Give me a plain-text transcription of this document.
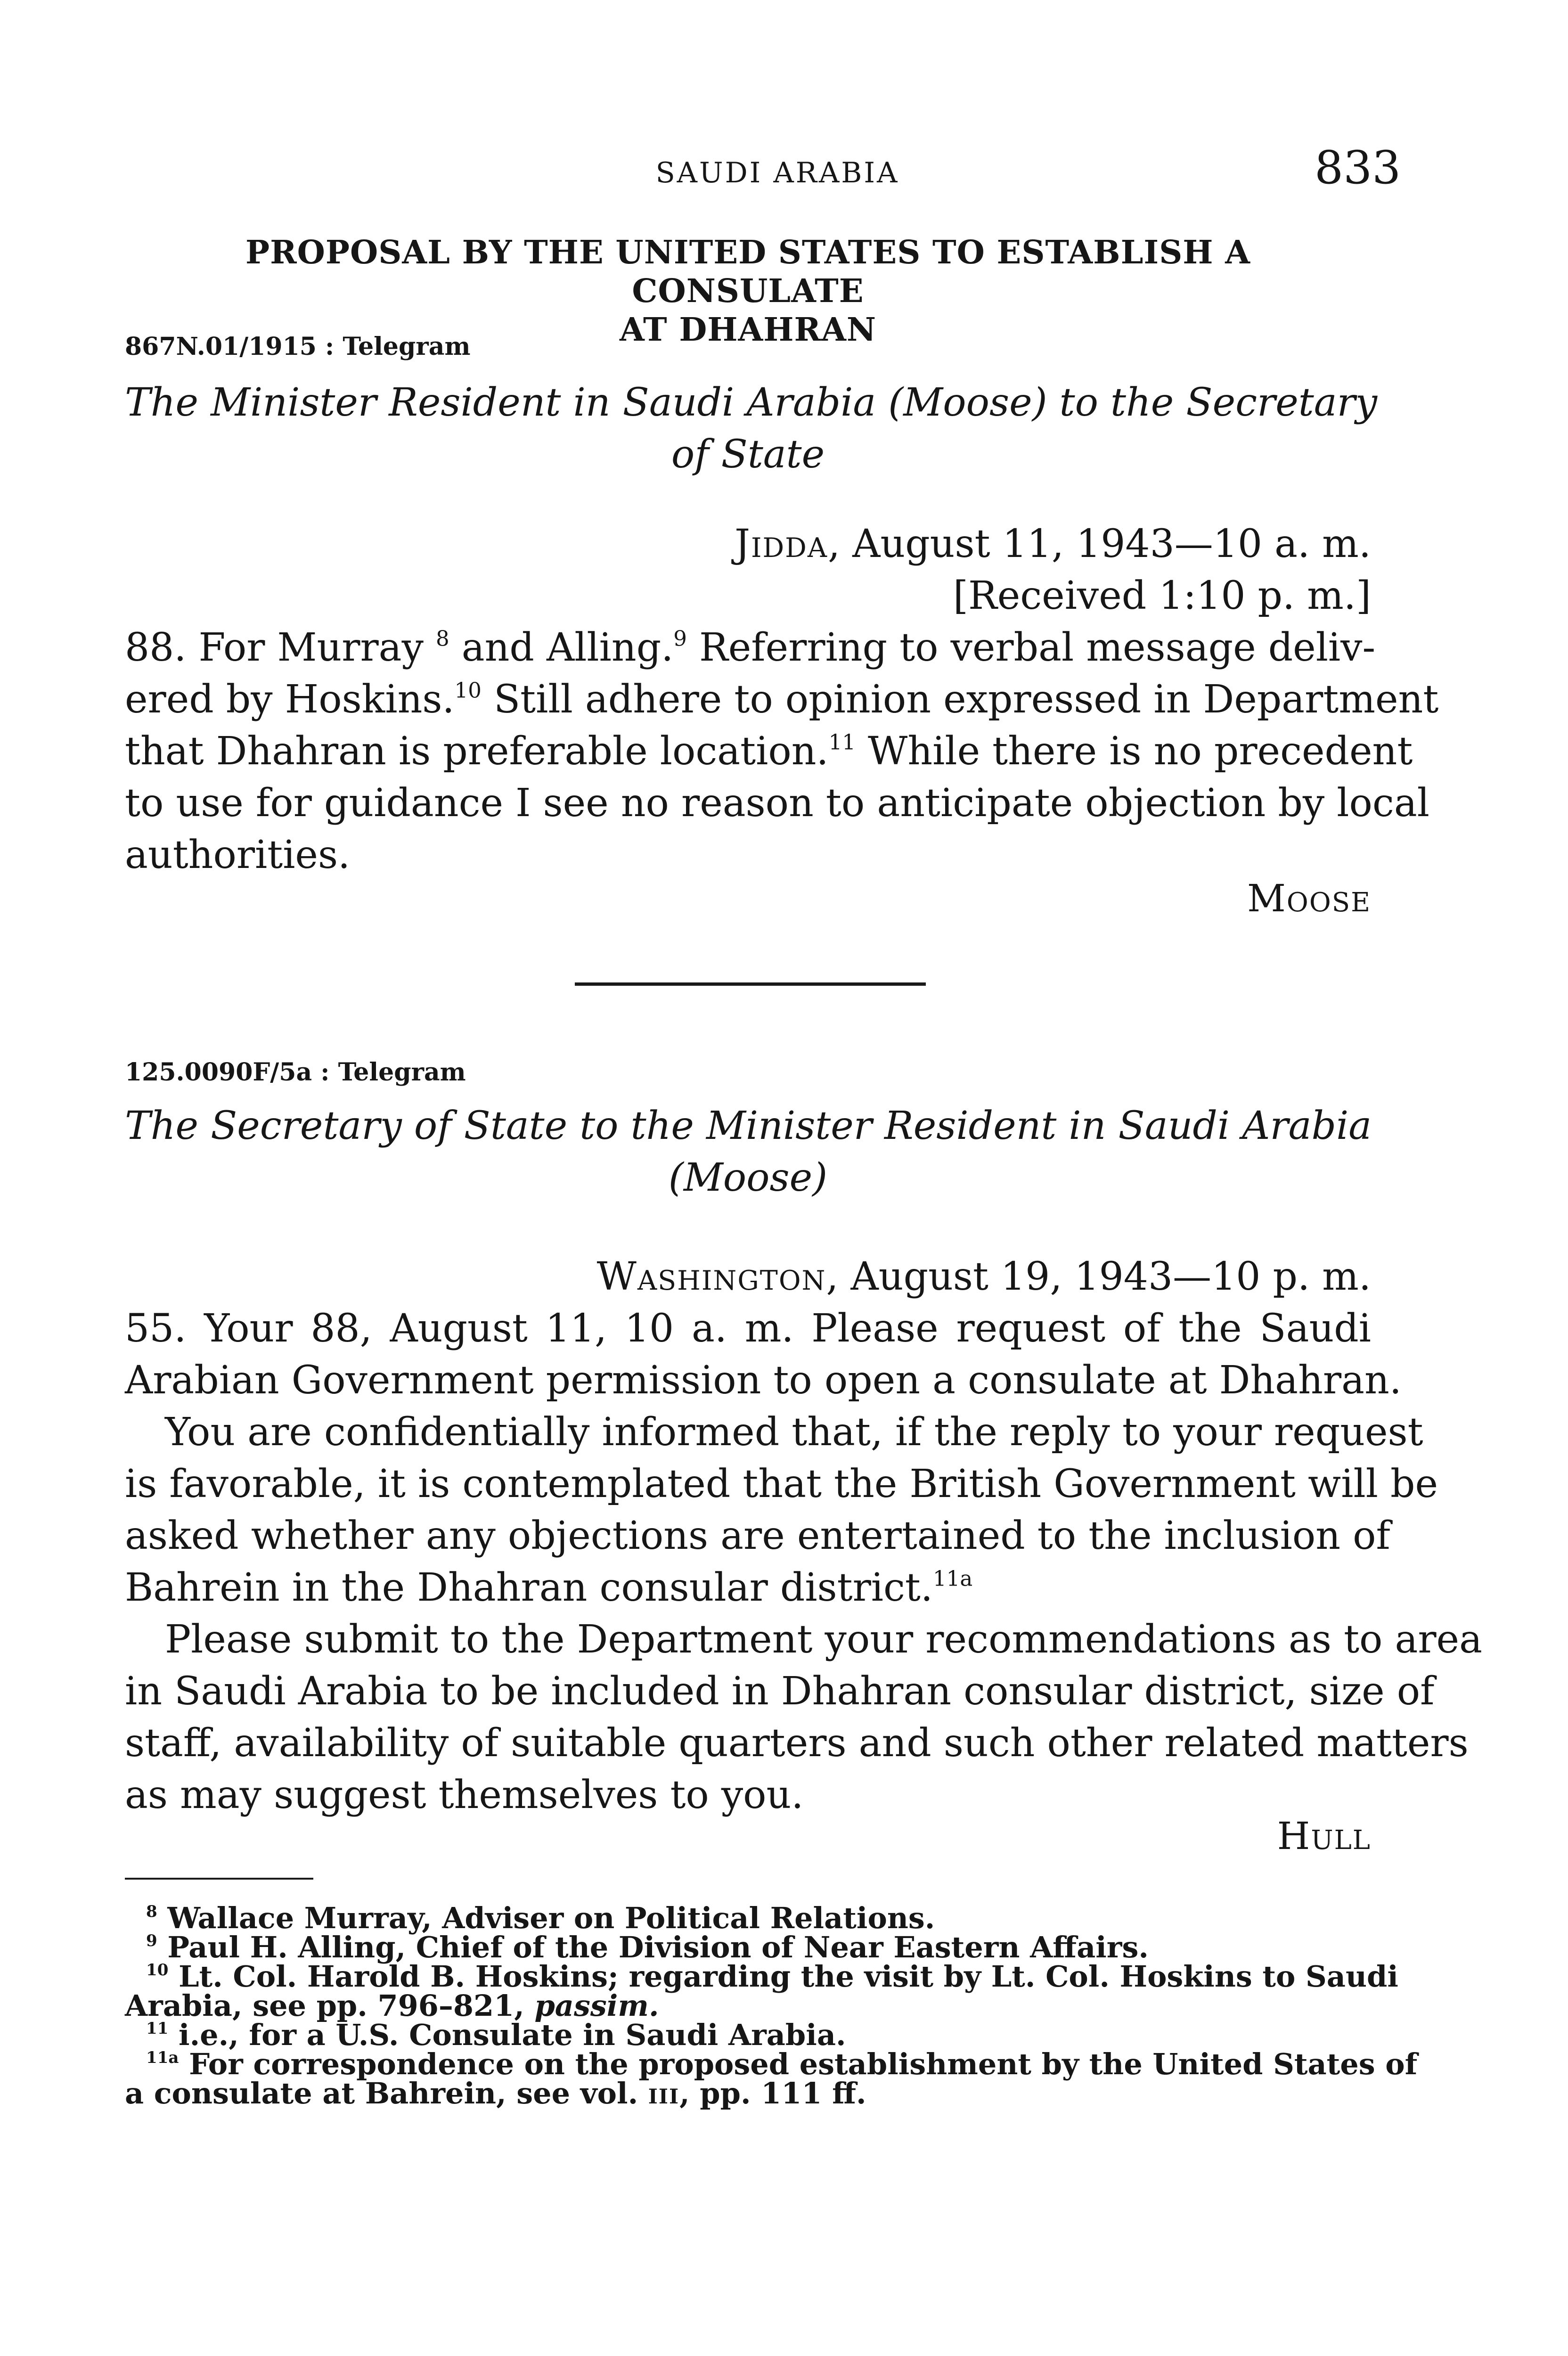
SAUDI ARABIA	833
PROPOSAL BY THE UNITED STATES TO ESTABLISH A CONSULATE
AT DHAHRAN
867N.01/1915 : Telegram
The Minister Resident in Saudi Arabia (Moose) to the Secretary
of State
Jidda, August 11, 1943—10 a. m.
[Received 1:10 p. m.]
88. For Murray $^8$ and Alling.$^9$ Referring to verbal message deliv-
ered by Hoskins.$^{10}$ Still adhere to opinion expressed in Department
that Dhahran is preferable location.$^{11}$ While there is no precedent
to use for guidance I see no reason to anticipate objection by local
authorities.
Moose
125.0090F/5a : Telegram
The Secretary of State to the Minister Resident in Saudi Arabia
(Moose)
Washington, August 19, 1943—10 p. m.
55. Your 88, August 11, 10 a. m. Please request of the Saudi
Arabian Government permission to open a consulate at Dhahran.
You are confidentially informed that, if the reply to your request
is favorable, it is contemplated that the British Government will be
asked whether any objections are entertained to the inclusion of
Bahrein in the Dhahran consular district.$^{11a}$
Please submit to the Department your recommendations as to area
in Saudi Arabia to be included in Dhahran consular district, size of
staff, availability of suitable quarters and such other related matters
as may suggest themselves to you.
Hull
$^8$ Wallace Murray, Adviser on Political Relations.
$^9$ Paul H. Alling, Chief of the Division of Near Eastern Affairs.
$^{10}$ Lt. Col. Harold B. Hoskins; regarding the visit by Lt. Col. Hoskins to Saudi
Arabia, see pp. 796–821, passim.
$^{11}$ i.e., for a U.S. Consulate in Saudi Arabia.
$^{11a}$ For correspondence on the proposed establishment by the United States of
a consulate at Bahrein, see vol. iii, pp. 111 ff.
